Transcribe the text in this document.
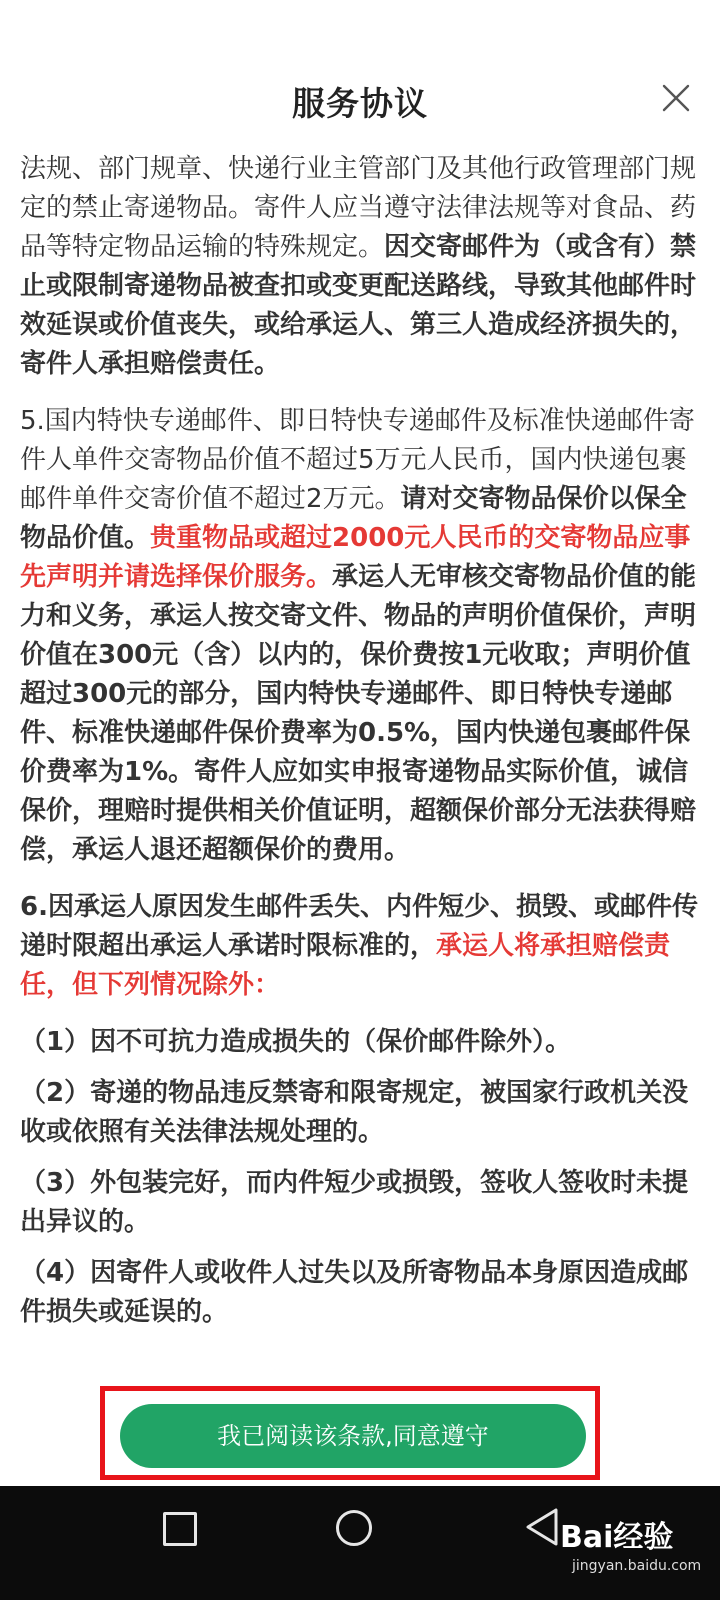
服务协议

法规、部门规章、快递行业主管部门及其他行政管理部门规定的禁止寄递物品。寄件人应当遵守法律法规等对食品、药品等特定物品运输的特殊规定。因交寄邮件为（或含有）禁止或限制寄递物品被查扣或变更配送路线，导致其他邮件时效延误或价值丧失，或给承运人、第三人造成经济损失的，寄件人承担赔偿责任。

5.国内特快专递邮件、即日特快专递邮件及标准快递邮件寄件人单件交寄物品价值不超过5万元人民币，国内快递包裹邮件单件交寄价值不超过2万元。请对交寄物品保价以保全物品价值。贵重物品或超过2000元人民币的交寄物品应事先声明并请选择保价服务。承运人无审核交寄物品价值的能力和义务，承运人按交寄文件、物品的声明价值保价，声明价值在300元（含）以内的，保价费按1元收取；声明价值超过300元的部分，国内特快专递邮件、即日特快专递邮件、标准快递邮件保价费率为0.5%，国内快递包裹邮件保价费率为1%。寄件人应如实申报寄递物品实际价值，诚信保价，理赔时提供相关价值证明，超额保价部分无法获得赔偿，承运人退还超额保价的费用。

6.因承运人原因发生邮件丢失、内件短少、损毁、或邮件传递时限超出承运人承诺时限标准的，承运人将承担赔偿责任，但下列情况除外：

（1）因不可抗力造成损失的（保价邮件除外）。

（2）寄递的物品违反禁寄和限寄规定，被国家行政机关没收或依照有关法律法规处理的。

（3）外包装完好，而内件短少或损毁，签收人签收时未提出异议的。

（4）因寄件人或收件人过失以及所寄物品本身原因造成邮件损失或延误的。

我已阅读该条款,同意遵守
Bai经验
jingyan.baidu.com
